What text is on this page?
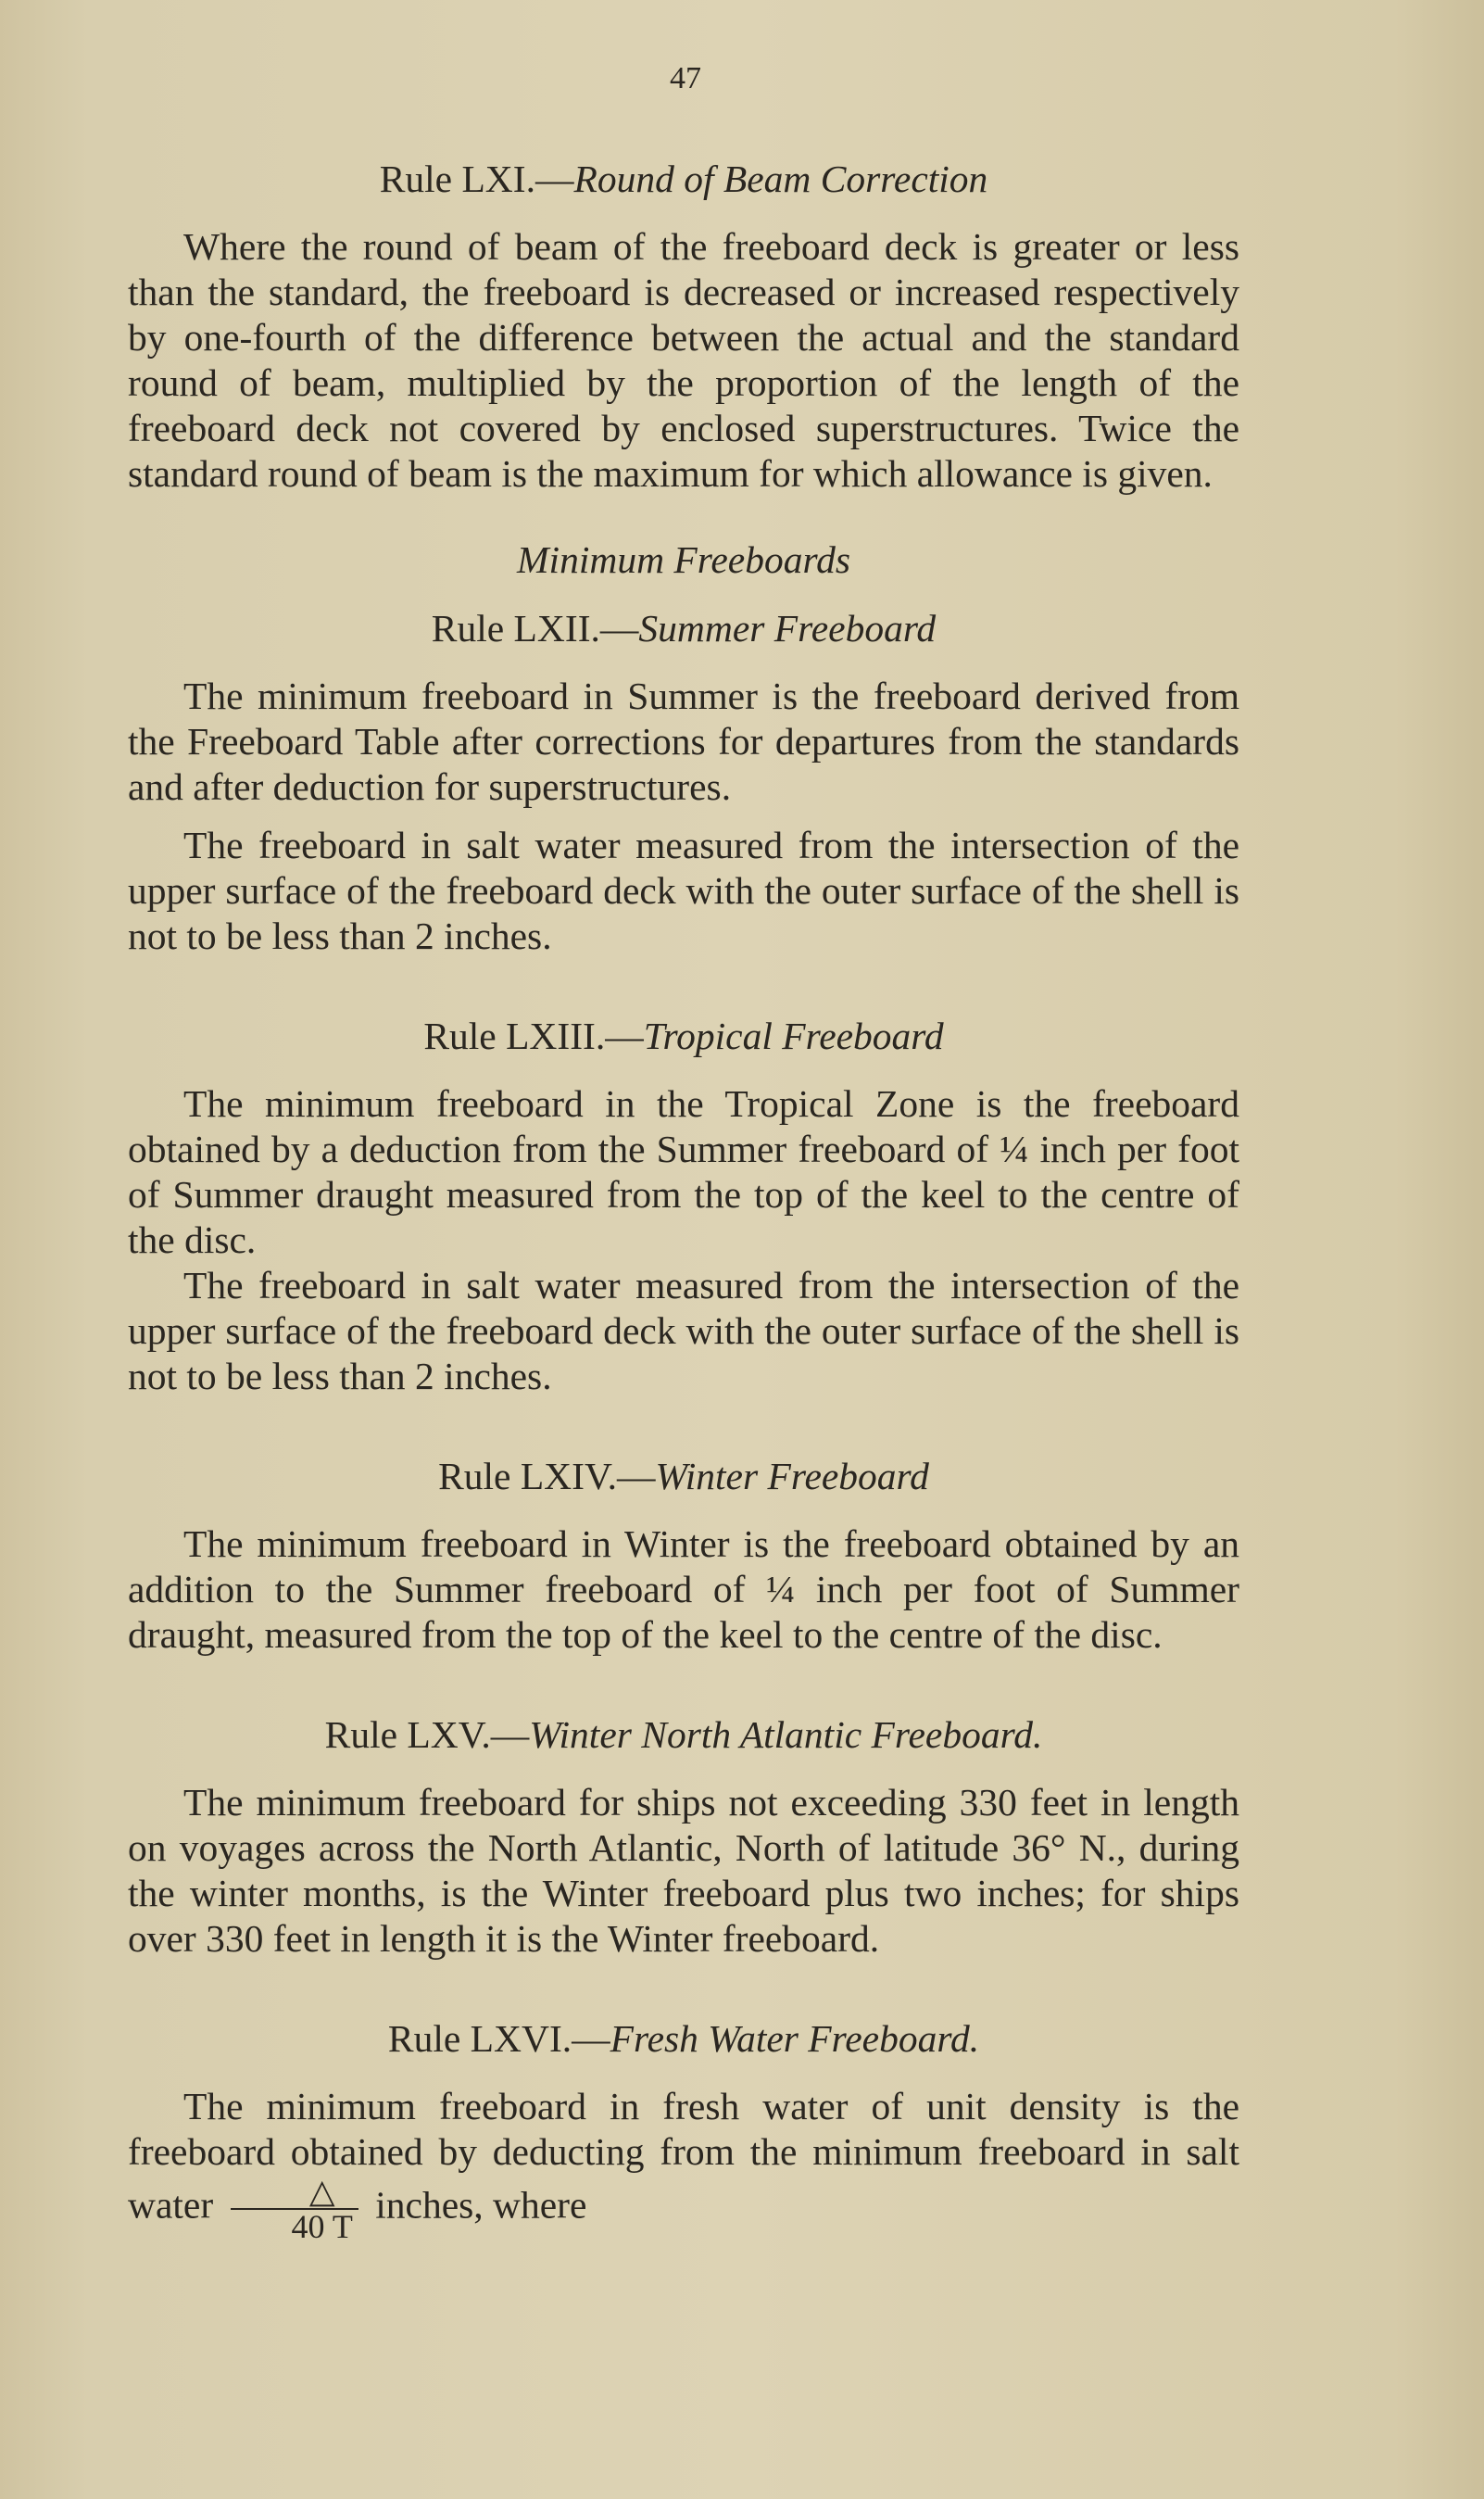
47
Rule LXI.—Round of Beam Correction

Where the round of beam of the freeboard deck is greater or less than the standard, the freeboard is decreased or increased respectively by one-fourth of the difference between the actual and the standard round of beam, multiplied by the proportion of the length of the freeboard deck not covered by enclosed superstructures. Twice the standard round of beam is the maximum for which allowance is given.

Minimum Freeboards
Rule LXII.—Summer Freeboard

The minimum freeboard in Summer is the freeboard derived from the Freeboard Table after corrections for departures from the standards and after deduction for superstructures.

The freeboard in salt water measured from the intersection of the upper surface of the freeboard deck with the outer surface of the shell is not to be less than 2 inches.

Rule LXIII.—Tropical Freeboard

The minimum freeboard in the Tropical Zone is the freeboard obtained by a deduction from the Summer freeboard of ¼ inch per foot of Summer draught measured from the top of the keel to the centre of the disc.

The freeboard in salt water measured from the intersection of the upper surface of the freeboard deck with the outer surface of the shell is not to be less than 2 inches.

Rule LXIV.—Winter Freeboard

The minimum freeboard in Winter is the freeboard obtained by an addition to the Summer freeboard of ¼ inch per foot of Summer draught, measured from the top of the keel to the centre of the disc.

Rule LXV.—Winter North Atlantic Freeboard.

The minimum freeboard for ships not exceeding 330 feet in length on voyages across the North Atlantic, North of latitude 36° N., during the winter months, is the Winter freeboard plus two inches; for ships over 330 feet in length it is the Winter freeboard.

Rule LXVI.—Fresh Water Freeboard.

The minimum freeboard in fresh water of unit density is the freeboard obtained by deducting from the minimum freeboard in salt water $\frac{\triangle}{40 T}$ inches, where
